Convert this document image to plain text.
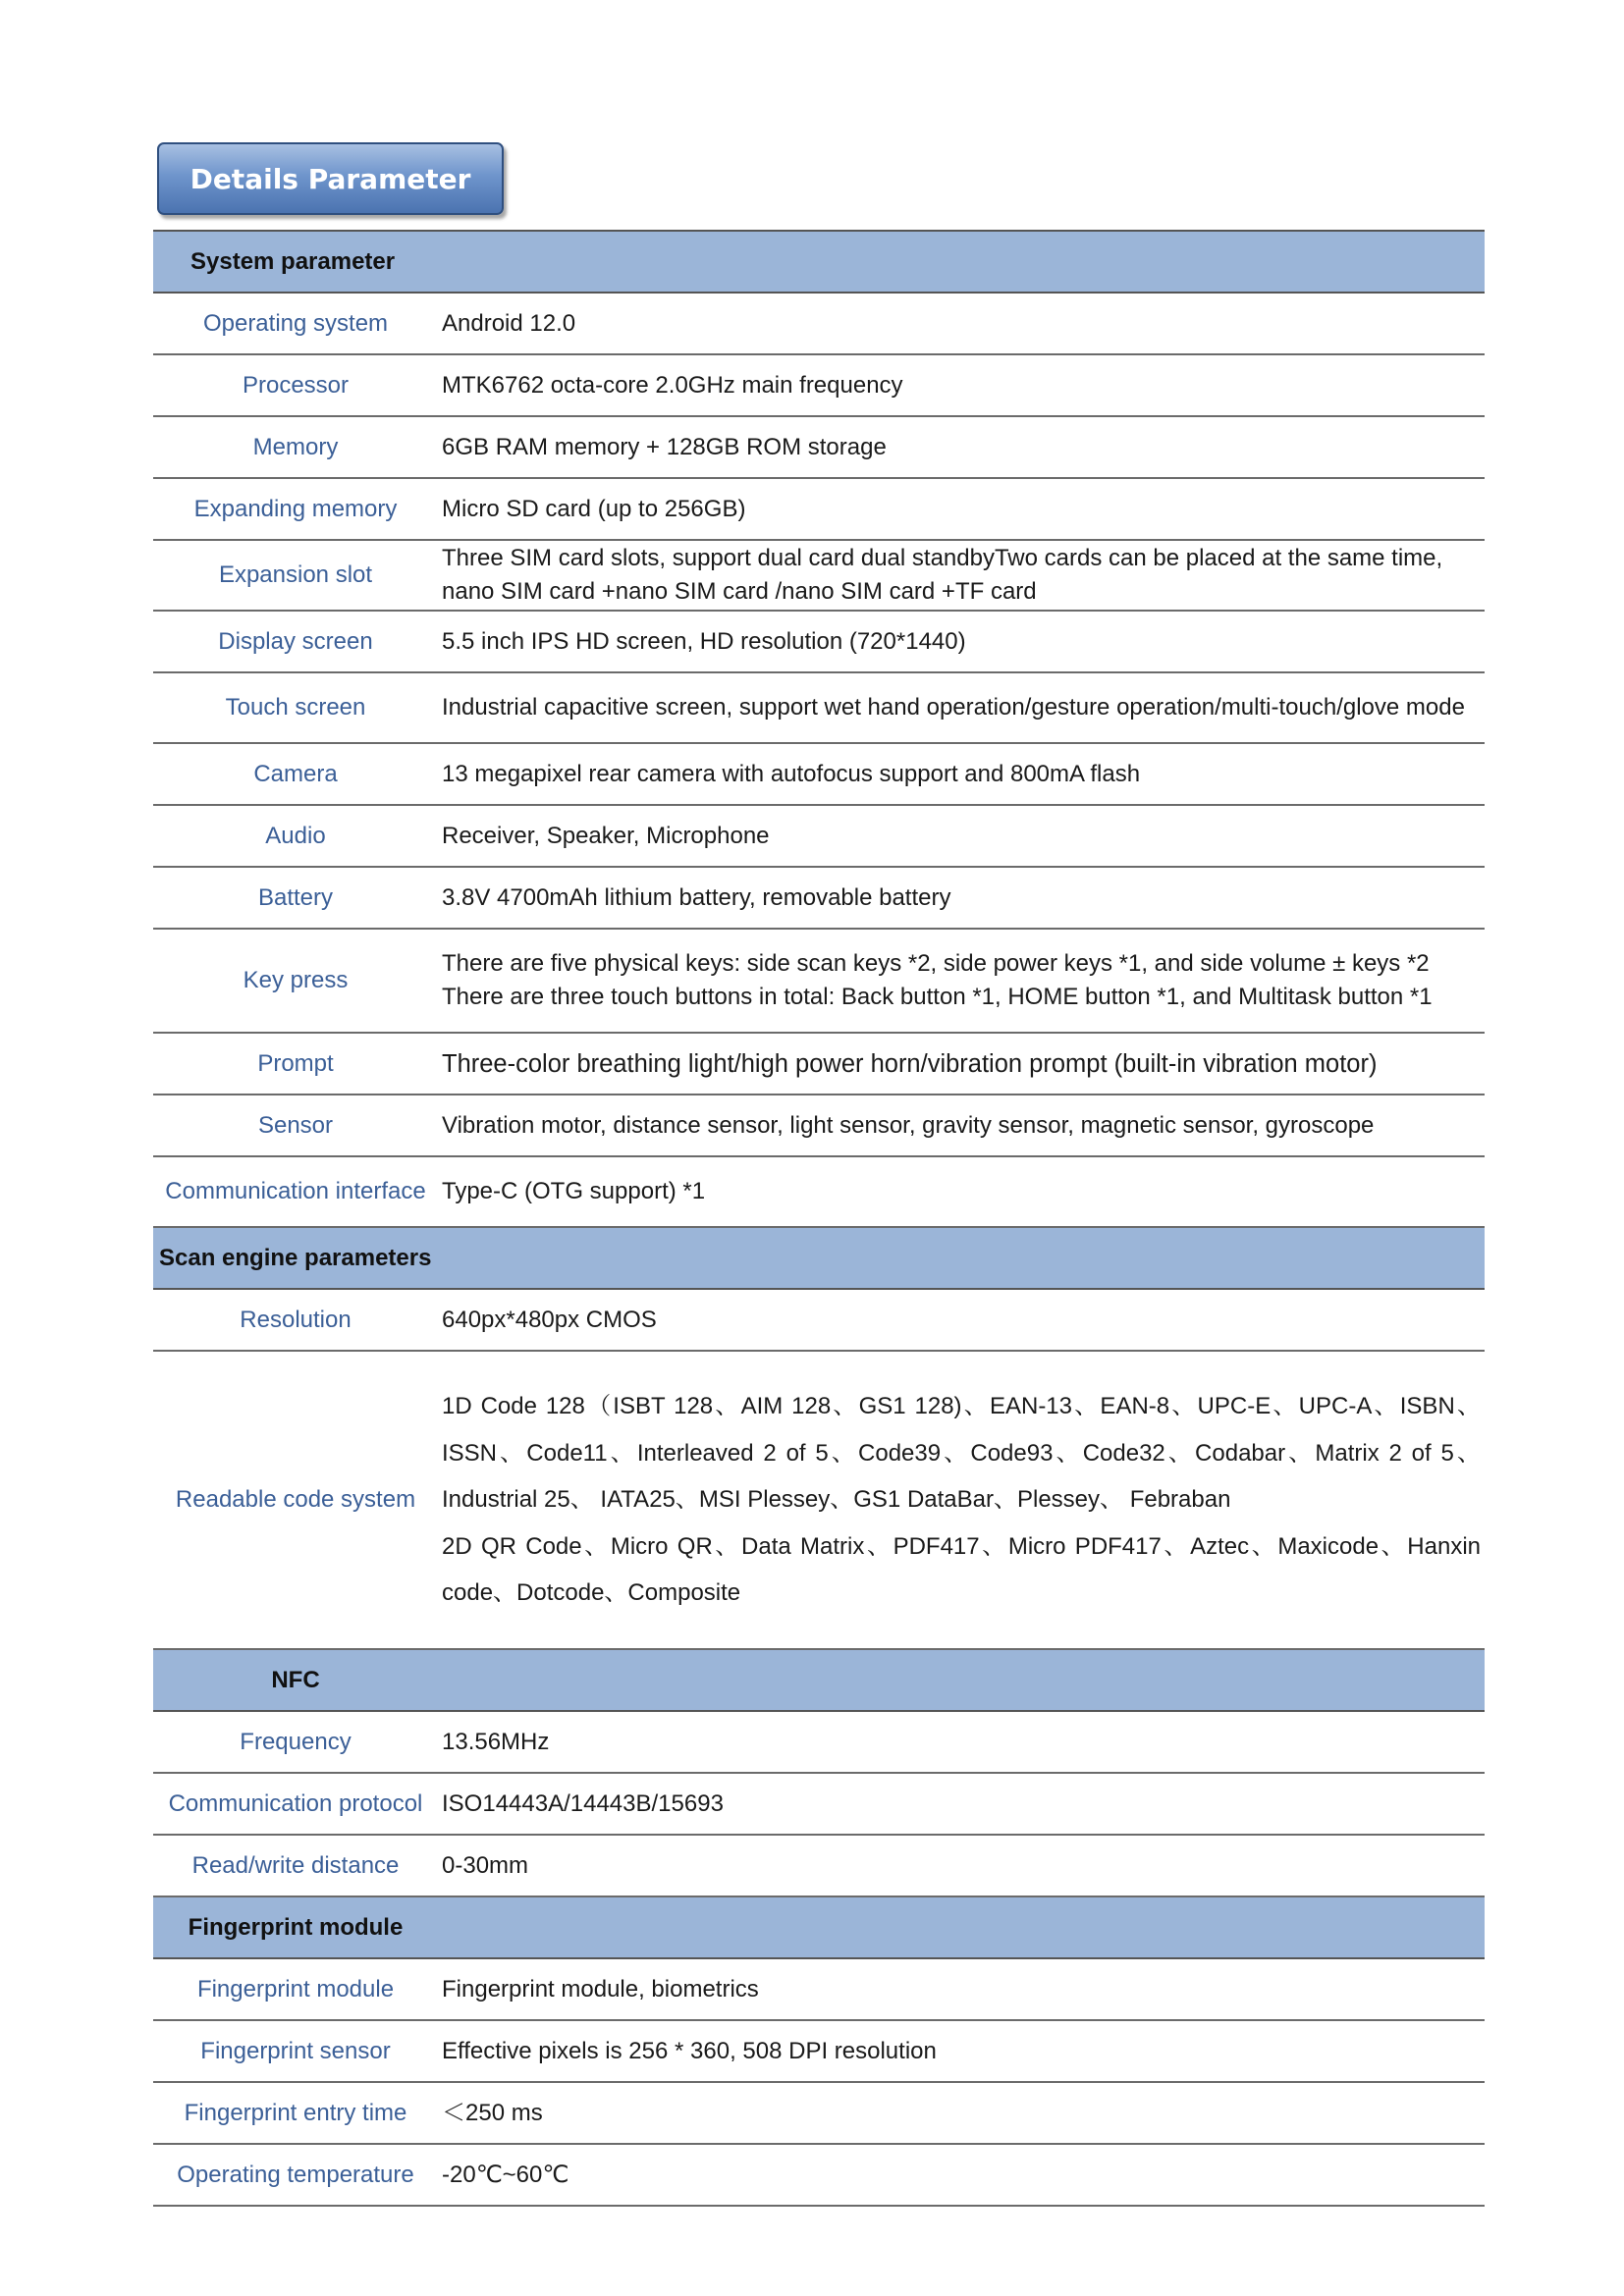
Details Parameter
System parameter	
Operating system	Android 12.0
Processor	MTK6762 octa-core 2.0GHz main frequency
Memory	6GB RAM memory + 128GB ROM storage
Expanding memory	Micro SD card (up to 256GB)
Expansion slot	Three SIM card slots, support dual card dual standbyTwo cards can be placed at the same time, nano SIM card +nano SIM card /nano SIM card +TF card
Display screen	5.5 inch IPS HD screen, HD resolution (720*1440)
Touch screen	Industrial capacitive screen, support wet hand operation/gesture operation/multi-touch/glove mode
Camera	13 megapixel rear camera with autofocus support and 800mA flash
Audio	Receiver, Speaker, Microphone
Battery	3.8V 4700mAh lithium battery, removable battery
Key press	There are five physical keys: side scan keys *2, side power keys *1, and side volume ± keys *2
There are three touch buttons in total: Back button *1, HOME button *1, and Multitask button *1

Prompt	Three-color breathing light/high power horn/vibration prompt (built-in vibration motor)
Sensor	Vibration motor, distance sensor, light sensor, gravity sensor, magnetic sensor, gyroscope
Communication interface	Type-C (OTG support) *1
Scan engine parameters	
Resolution	640px*480px CMOS
Readable code system	1D Code 128（ISBT 128、AIM 128、GS1 128)、EAN-13、EAN-8、UPC-E、UPC-A、ISBN、ISSN、Code11、Interleaved 2 of 5、Code39、Code93、Code32、Codabar、Matrix 2 of 5、Industrial 25、 IATA25、MSI Plessey、GS1 DataBar、Plessey、 Febraban
2D QR Code、Micro QR、Data Matrix、PDF417、Micro PDF417、Aztec、Maxicode、Hanxin code、Dotcode、Composite

NFC	
Frequency	13.56MHz
Communication protocol	ISO14443A/14443B/15693
Read/write distance	0-30mm
Fingerprint module	
Fingerprint module	Fingerprint module, biometrics
Fingerprint sensor	Effective pixels is 256 * 360, 508 DPI resolution
Fingerprint entry time	＜250 ms
Operating temperature	-20℃~60℃
